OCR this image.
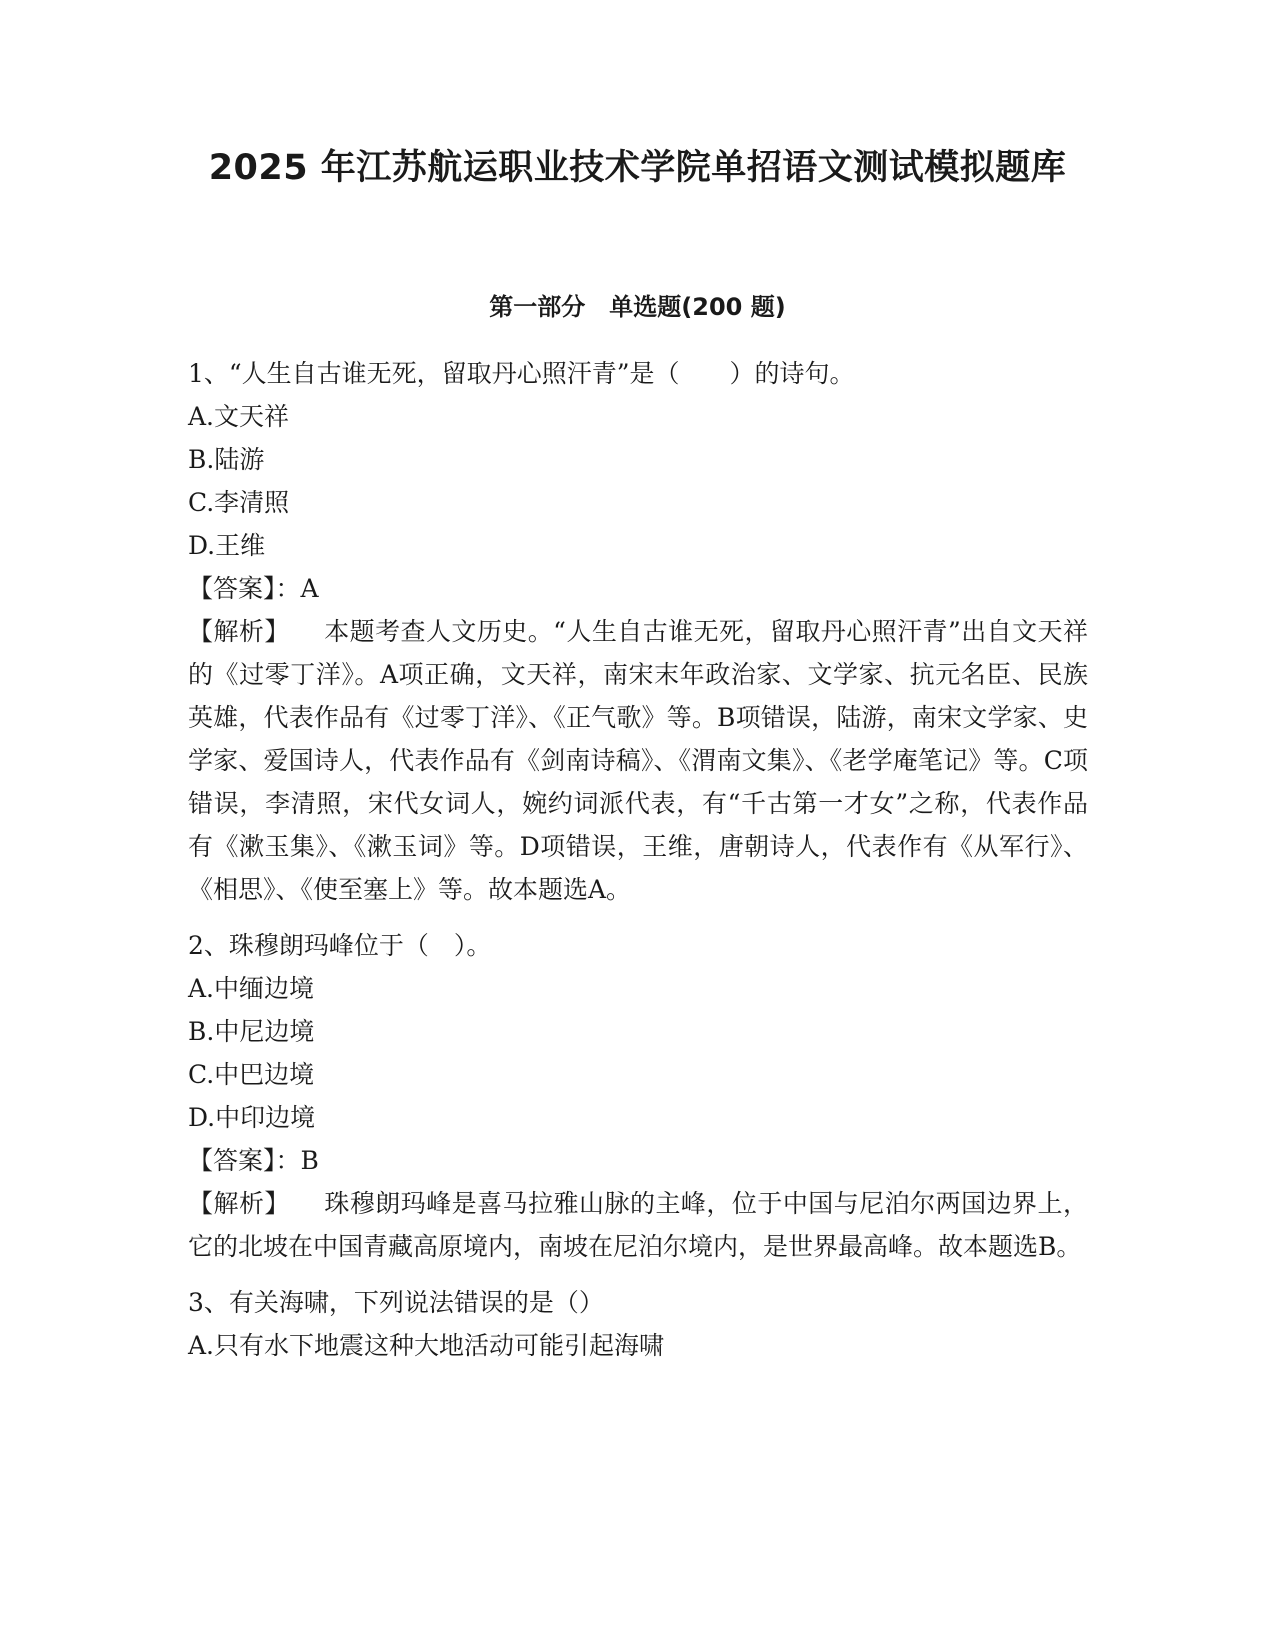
2025 年江苏航运职业技术学院单招语文测试模拟题库
第一部分　单选题(200 题)

1、“人生自古谁无死，留取丹心照汗青”是（　　）的诗句。

A.文天祥

B.陆游

C.李清照

D.王维

【答案】：A

【解析】 本题考查人文历史。“人生自古谁无死，留取丹心照汗青”出自文天祥的《过零丁洋》。A项正确，文天祥，南宋末年政治家、文学家、抗元名臣、民族英雄，代表作品有《过零丁洋》、《正气歌》等。B项错误，陆游，南宋文学家、史学家、爱国诗人，代表作品有《剑南诗稿》、《渭南文集》、《老学庵笔记》等。C项错误，李清照，宋代女词人，婉约词派代表，有“千古第一才女”之称，代表作品有《漱玉集》、《漱玉词》等。D项错误，王维，唐朝诗人，代表作有《从军行》、《相思》、《使至塞上》等。故本题选A。

2、珠穆朗玛峰位于（　）。

A.中缅边境

B.中尼边境

C.中巴边境

D.中印边境

【答案】：B

【解析】 珠穆朗玛峰是喜马拉雅山脉的主峰，位于中国与尼泊尔两国边界上，它的北坡在中国青藏高原境内，南坡在尼泊尔境内，是世界最高峰。故本题选B。

3、有关海啸，下列说法错误的是（）

A.只有水下地震这种大地活动可能引起海啸
